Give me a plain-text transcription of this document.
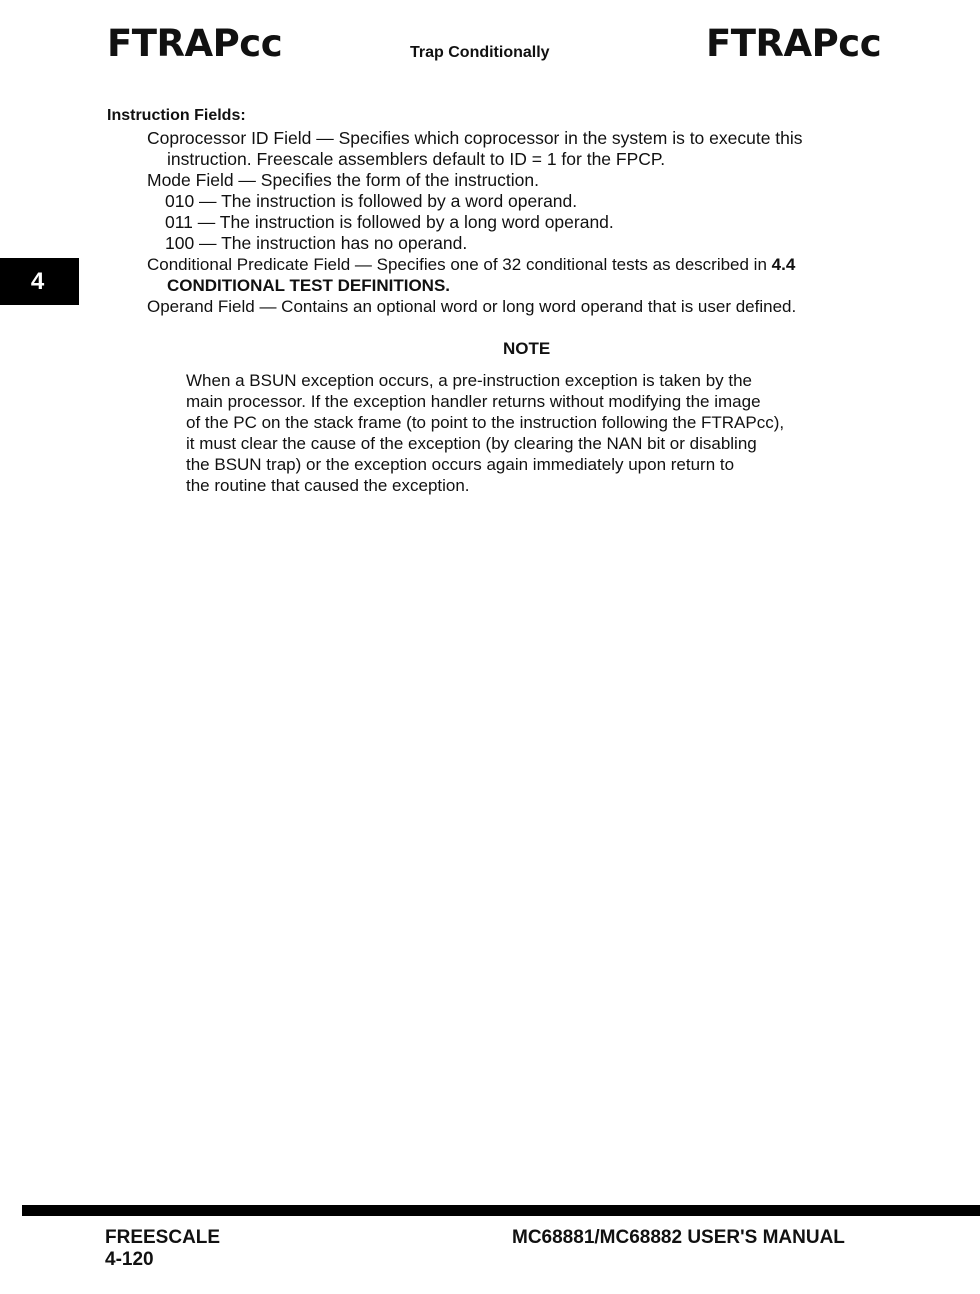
FTRAPcc	Trap Conditionally	FTRAPcc
4
Instruction Fields:
Coprocessor ID Field — Specifies which coprocessor in the system is to execute this
instruction. Freescale assemblers default to ID = 1 for the FPCP.
Mode Field — Specifies the form of the instruction.
010 — The instruction is followed by a word operand.
011 — The instruction is followed by a long word operand.
100 — The instruction has no operand.
Conditional Predicate Field — Specifies one of 32 conditional tests as described in 4.4
CONDITIONAL TEST DEFINITIONS.
Operand Field — Contains an optional word or long word operand that is user defined.
NOTE
When a BSUN exception occurs, a pre-instruction exception is taken by the
main processor. If the exception handler returns without modifying the image
of the PC on the stack frame (to point to the instruction following the FTRAPcc),
it must clear the cause of the exception (by clearing the NAN bit or disabling
the BSUN trap) or the exception occurs again immediately upon return to
the routine that caused the exception.
FREESCALE
4-120
MC68881/MC68882 USER'S MANUAL
